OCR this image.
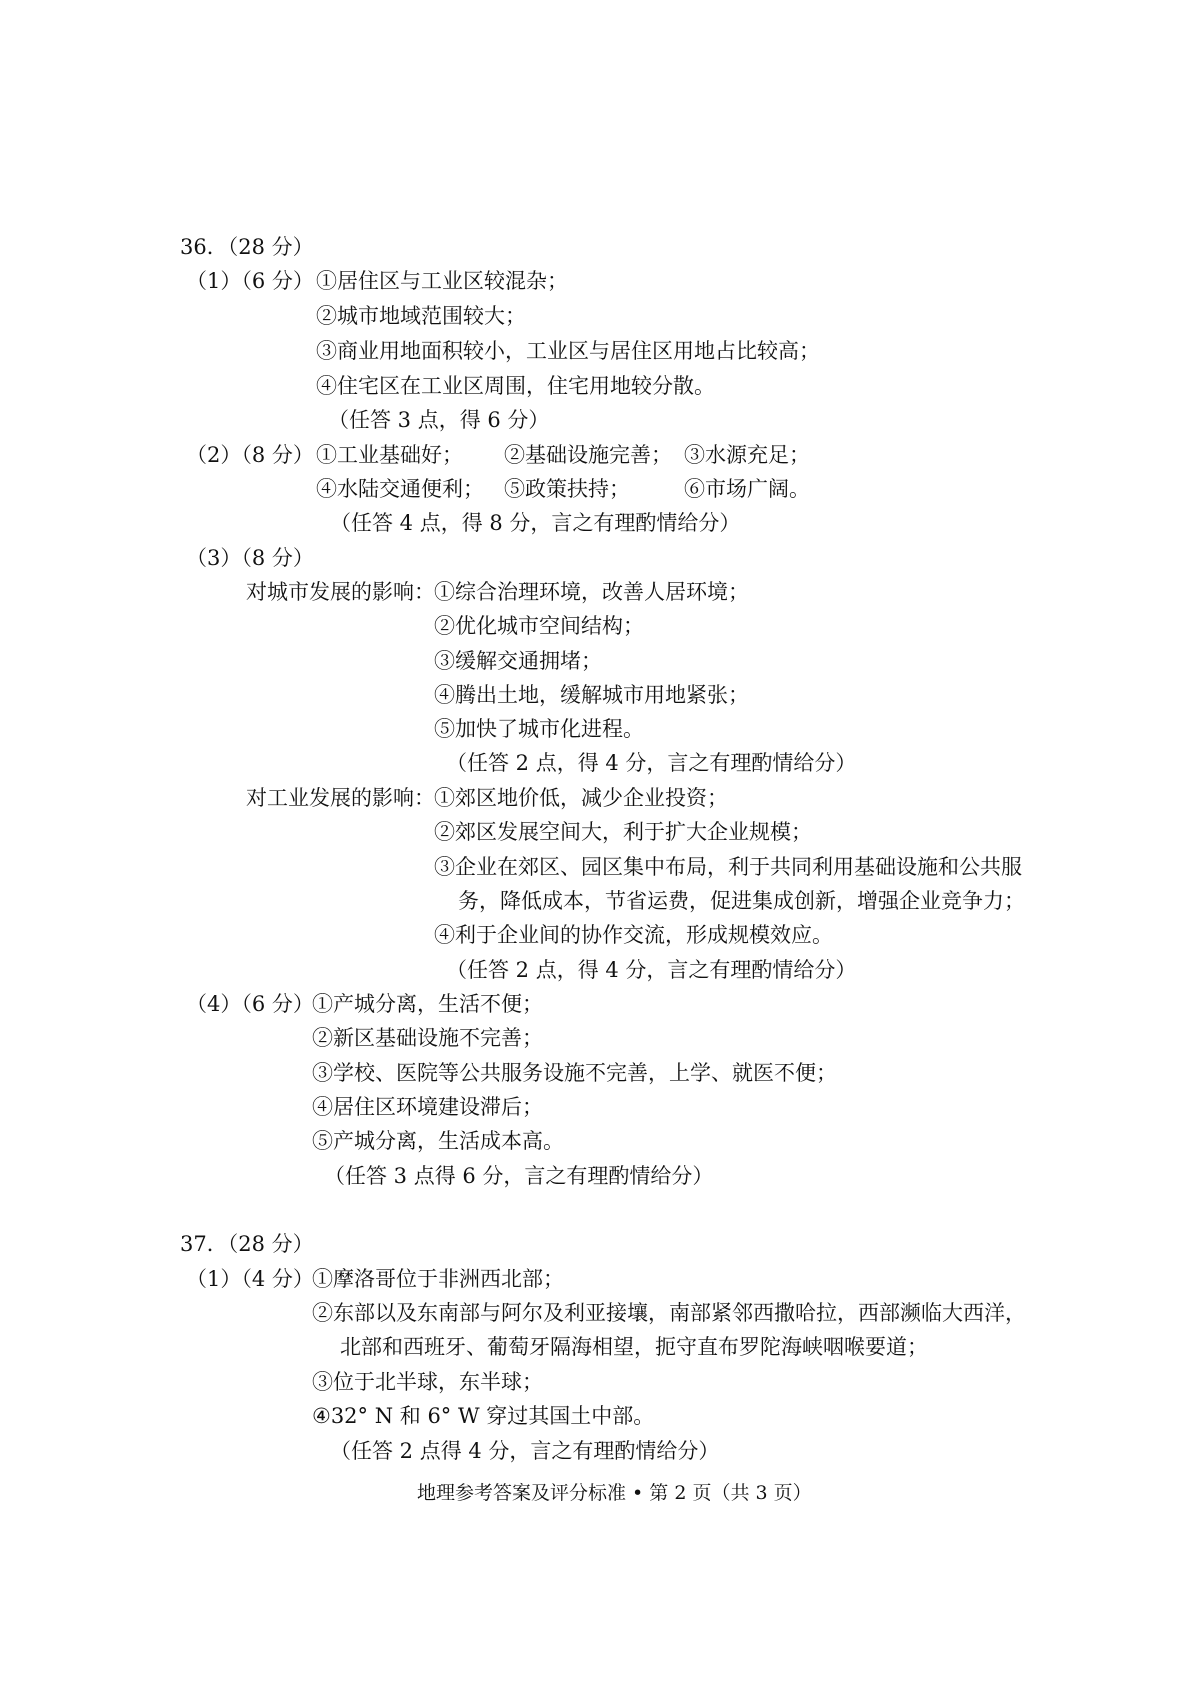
36．（28 分）

（1）（6 分） ①居住区与工业区较混杂；

②城市地域范围较大；

③商业用地面积较小，工业区与居住区用地占比较高；

④住宅区在工业区周围，住宅用地较分散。

（任答 3 点，得 6 分）

（2）（8 分） ①工业基础好； ②基础设施完善； ③水源充足；

④水陆交通便利； ⑤政策扶持；	⑥市场广阔。

（任答 4 点，得 8 分，言之有理酌情给分）

（3）（8 分）

对城市发展的影响： ①综合治理环境，改善人居环境；

②优化城市空间结构；

③缓解交通拥堵；

④腾出土地，缓解城市用地紧张；

⑤加快了城市化进程。

（任答 2 点，得 4 分，言之有理酌情给分）

对工业发展的影响： ①郊区地价低，减少企业投资；

②郊区发展空间大，利于扩大企业规模；

③企业在郊区、园区集中布局，利于共同利用基础设施和公共服

务，降低成本，节省运费，促进集成创新，增强企业竞争力；

④利于企业间的协作交流，形成规模效应。

（任答 2 点，得 4 分，言之有理酌情给分）

（4）（6 分）

①产城分离，生活不便；

②新区基础设施不完善；

③学校、医院等公共服务设施不完善，上学、就医不便；

④居住区环境建设滞后；

⑤产城分离，生活成本高。

（任答 3 点得 6 分，言之有理酌情给分）

37．（28 分）

（1）（4 分）

①摩洛哥位于非洲西北部；

②东部以及东南部与阿尔及利亚接壤，南部紧邻西撒哈拉，西部濒临大西洋，

北部和西班牙、葡萄牙隔海相望，扼守直布罗陀海峡咽喉要道；

③位于北半球，东半球；

④32° N 和 6° W 穿过其国土中部。

（任答 2 点得 4 分，言之有理酌情给分）

地理参考答案及评分标准 • 第 2 页（共 3 页）
